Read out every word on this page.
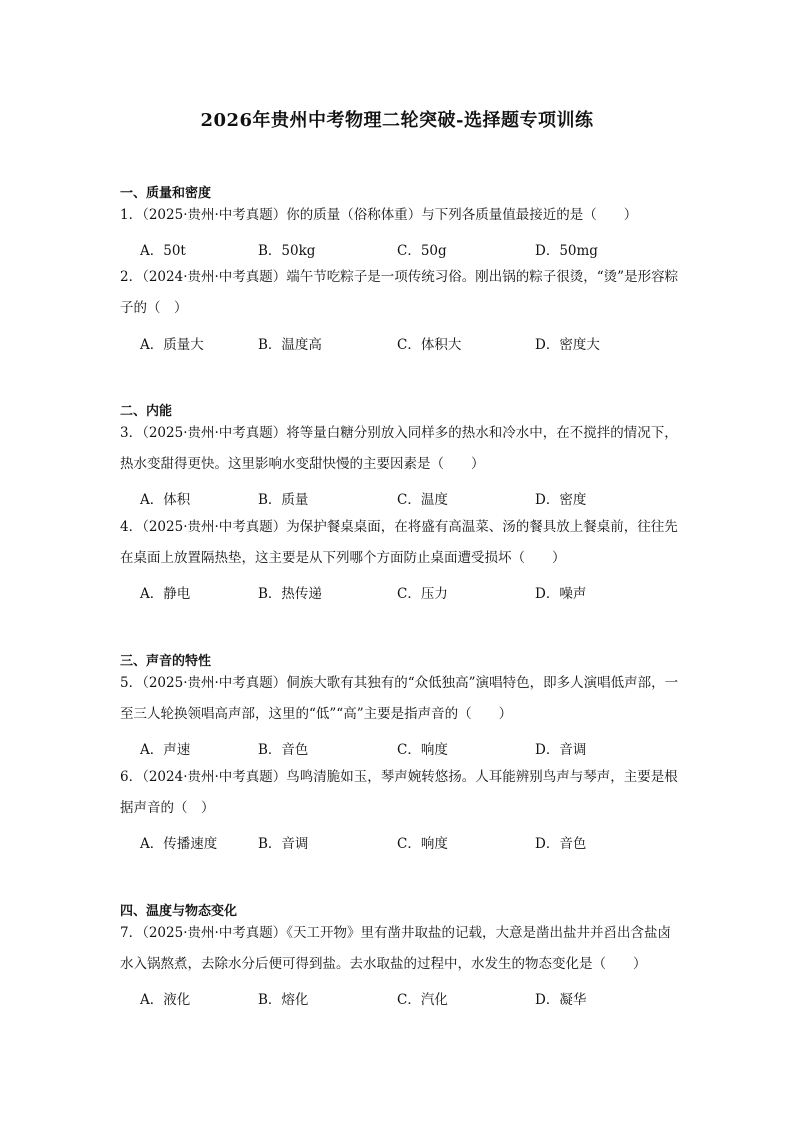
2026年贵州中考物理二轮突破-选择题专项训练
一、质量和密度
1．（2025·贵州·中考真题）你的质量（俗称体重）与下列各质量值最接近的是（　　）
A．50t	B．50kg	C．50g	D．50mg
2．（2024·贵州·中考真题）端午节吃粽子是一项传统习俗。刚出锅的粽子很烫，“烫”是形容粽子的（　）
A．质量大	B．温度高	C．体积大	D．密度大
二、内能
3．（2025·贵州·中考真题）将等量白糖分别放入同样多的热水和冷水中，在不搅拌的情况下，热水变甜得更快。这里影响水变甜快慢的主要因素是（　　）
A．体积	B．质量	C．温度	D．密度
4．（2025·贵州·中考真题）为保护餐桌桌面，在将盛有高温菜、汤的餐具放上餐桌前，往往先在桌面上放置隔热垫，这主要是从下列哪个方面防止桌面遭受损坏（　　）
A．静电	B．热传递	C．压力	D．噪声
三、声音的特性
5．（2025·贵州·中考真题）侗族大歌有其独有的“众低独高”演唱特色，即多人演唱低声部，一至三人轮换领唱高声部，这里的“低”“高”主要是指声音的（　　）
A．声速	B．音色	C．响度	D．音调
6．（2024·贵州·中考真题）鸟鸣清脆如玉，琴声婉转悠扬。人耳能辨别鸟声与琴声，主要是根据声音的（　）
A．传播速度	B．音调	C．响度	D．音色
四、温度与物态变化
7．（2025·贵州·中考真题）《天工开物》里有凿井取盐的记载，大意是凿出盐井并舀出含盐卤水入锅熬煮，去除水分后便可得到盐。去水取盐的过程中，水发生的物态变化是（　　）
A．液化	B．熔化	C．汽化	D．凝华
